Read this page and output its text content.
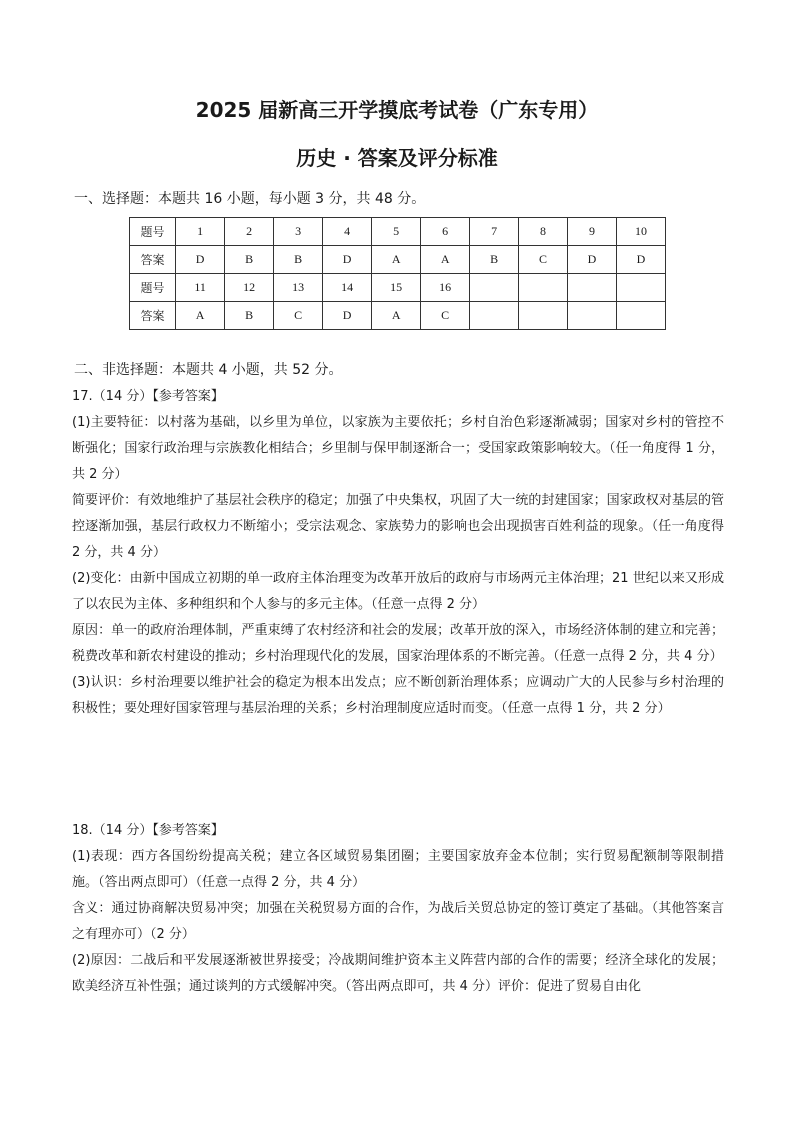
2025 届新高三开学摸底考试卷（广东专用）
历史 · 答案及评分标准
一、选择题：本题共 16 小题，每小题 3 分，共 48 分。
题号	1	2	3	4	5	6	7	8	9	10
答案	D	B	B	D	A	A	B	C	D	D
题号	11	12	13	14	15	16				
答案	A	B	C	D	A	C				
二、非选择题：本题共 4 小题，共 52 分。

17.（14 分）【参考答案】

(1)主要特征：以村落为基础，以乡里为单位，以家族为主要依托；乡村自治色彩逐渐减弱；国家对乡村的管控不断强化；国家行政治理与宗族教化相结合；乡里制与保甲制逐渐合一；受国家政策影响较大。（任一角度得 1 分，共 2 分）

简要评价：有效地维护了基层社会秩序的稳定；加强了中央集权，巩固了大一统的封建国家；国家政权对基层的管控逐渐加强，基层行政权力不断缩小；受宗法观念、家族势力的影响也会出现损害百姓利益的现象。（任一角度得 2 分，共 4 分）

(2)变化：由新中国成立初期的单一政府主体治理变为改革开放后的政府与市场两元主体治理；21 世纪以来又形成了以农民为主体、多种组织和个人参与的多元主体。（任意一点得 2 分）

原因：单一的政府治理体制，严重束缚了农村经济和社会的发展；改革开放的深入，市场经济体制的建立和完善；税费改革和新农村建设的推动；乡村治理现代化的发展，国家治理体系的不断完善。（任意一点得 2 分，共 4 分）

(3)认识：乡村治理要以维护社会的稳定为根本出发点；应不断创新治理体系；应调动广大的人民参与乡村治理的积极性；要处理好国家管理与基层治理的关系；乡村治理制度应适时而变。（任意一点得 1 分，共 2 分）

18.（14 分）【参考答案】

(1)表现：西方各国纷纷提高关税；建立各区域贸易集团圈；主要国家放弃金本位制；实行贸易配额制等限制措施。（答出两点即可）（任意一点得 2 分，共 4 分）

含义：通过协商解决贸易冲突；加强在关税贸易方面的合作，为战后关贸总协定的签订奠定了基础。（其他答案言之有理亦可）（2 分）

(2)原因：二战后和平发展逐渐被世界接受；冷战期间维护资本主义阵营内部的合作的需要；经济全球化的发展；欧美经济互补性强；通过谈判的方式缓解冲突。（答出两点即可，共 4 分）评价：促进了贸易自由化
